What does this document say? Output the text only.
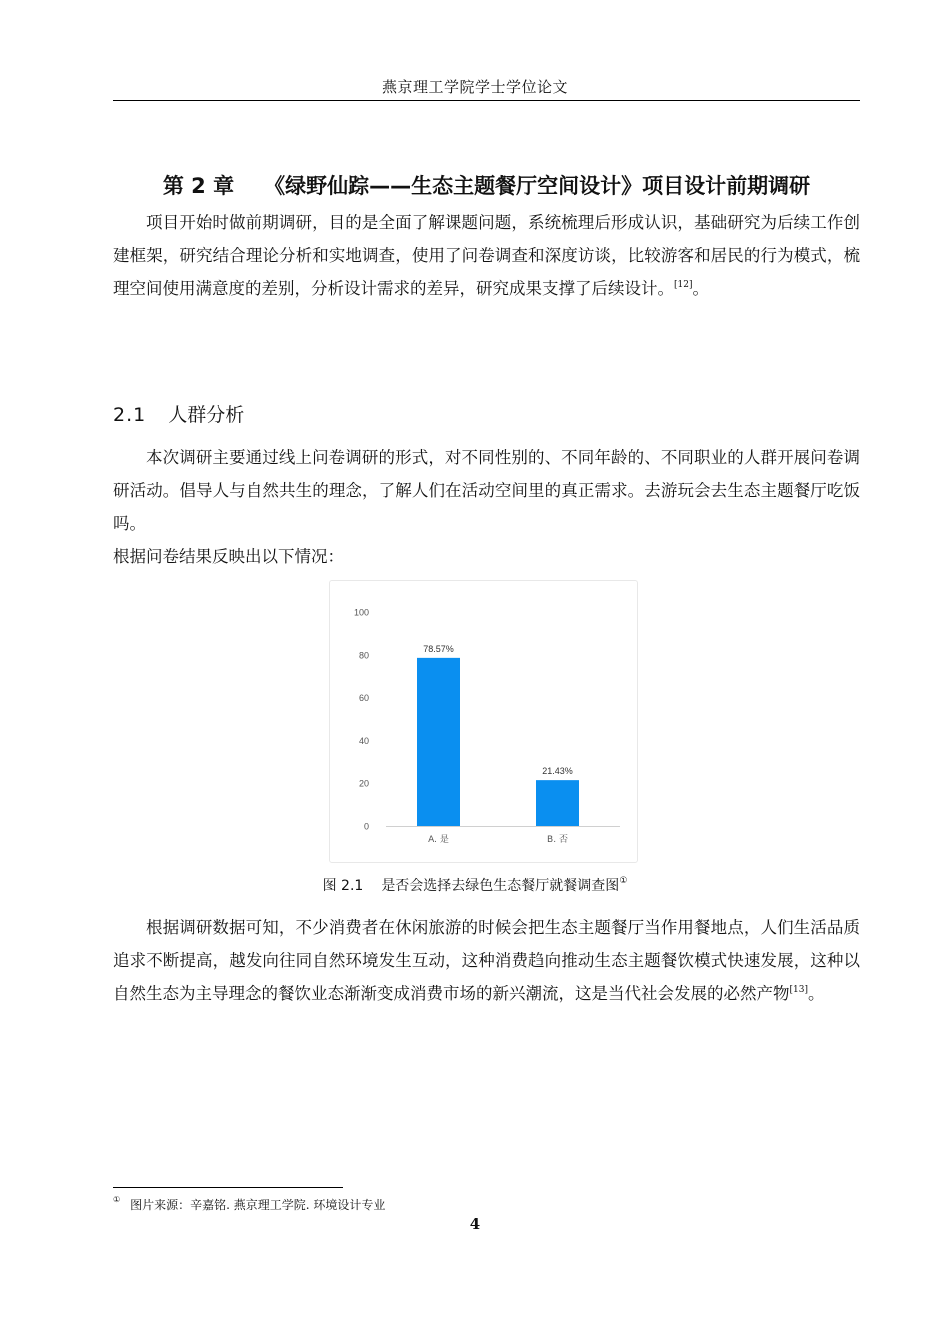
燕京理工学院学士学位论文
第 2 章 《绿野仙踪——生态主题餐厅空间设计》项目设计前期调研

项目开始时做前期调研，目的是全面了解课题问题，系统梳理后形成认识，基础研究为后续工作创建框架，研究结合理论分析和实地调查，使用了问卷调查和深度访谈，比较游客和居民的行为模式，梳理空间使用满意度的差别，分析设计需求的差异，研究成果支撑了后续设计。[12]。

2.1 人群分析

本次调研主要通过线上问卷调研的形式，对不同性别的、不同年龄的、不同职业的人群开展问卷调研活动。倡导人与自然共生的理念，了解人们在活动空间里的真正需求。去游玩会去生态主题餐厅吃饭吗。

根据问卷结果反映出以下情况：

0
20
40
60
80
100
78.57%
A. 是
21.43%
B. 否
图 2.1 是否会选择去绿色生态餐厅就餐调查图①

根据调研数据可知，不少消费者在休闲旅游的时候会把生态主题餐厅当作用餐地点，人们生活品质追求不断提高，越发向往同自然环境发生互动，这种消费趋向推动生态主题餐饮模式快速发展，这种以自然生态为主导理念的餐饮业态渐渐变成消费市场的新兴潮流，这是当代社会发展的必然产物[13]。

① 图片来源：辛嘉铭. 燕京理工学院. 环境设计专业
4
